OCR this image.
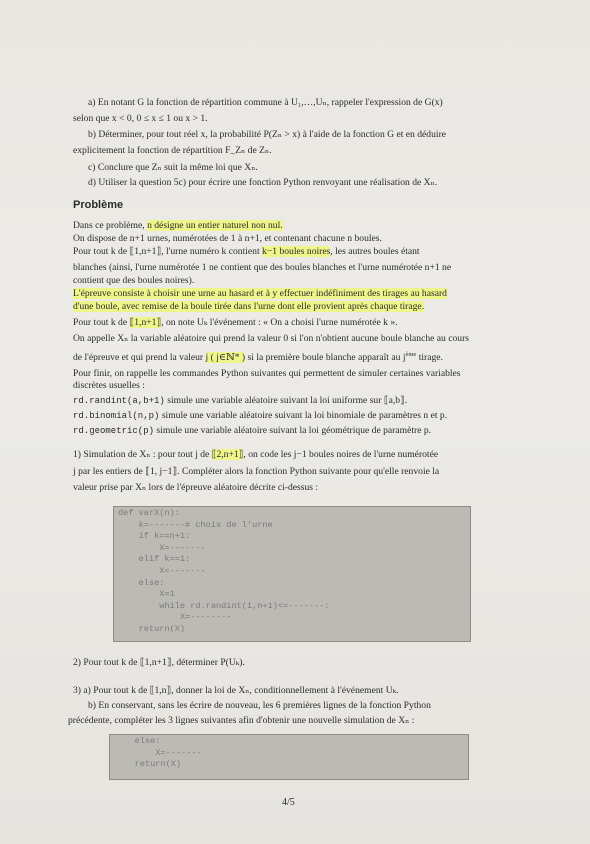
a) En notant G la fonction de répartition commune à U₁,…,Uₙ, rappeler l'expression de G(x)
selon que x < 0, 0 ≤ x ≤ 1 ou x > 1.
b) Déterminer, pour tout réel x, la probabilité P(Zₙ > x) à l'aide de la fonction G et en déduire
explicitement la fonction de répartition F_Zₙ de Zₙ.
c) Conclure que Zₙ suit la même loi que Xₙ.
d) Utiliser la question 5c) pour écrire une fonction Python renvoyant une réalisation de Xₙ.
Problème
Dans ce problème, n désigne un entier naturel non nul.
On dispose de n+1 urnes, numérotées de 1 à n+1, et contenant chacune n boules.
Pour tout k de ⟦1,n+1⟧, l'urne numéro k contient k−1 boules noires, les autres boules étant
blanches (ainsi, l'urne numérotée 1 ne contient que des boules blanches et l'urne numérotée n+1 ne
contient que des boules noires).
L'épreuve consiste à choisir une urne au hasard et à y effectuer indéfiniment des tirages au hasard
d'une boule, avec remise de la boule tirée dans l'urne dont elle provient après chaque tirage.
Pour tout k de ⟦1,n+1⟧, on note Uₖ l'événement : « On a choisi l'urne numérotée k ».
On appelle Xₙ la variable aléatoire qui prend la valeur 0 si l'on n'obtient aucune boule blanche au cours
de l'épreuve et qui prend la valeur j ( j∈ℕ* ) si la première boule blanche apparaît au $j^{ème}$ tirage.
Pour finir, on rappelle les commandes Python suivantes qui permettent de simuler certaines variables
discrètes usuelles :
rd.randint(a,b+1) simule une variable aléatoire suivant la loi uniforme sur ⟦a,b⟧.
rd.binomial(n,p) simule une variable aléatoire suivant la loi binomiale de paramètres n et p.
rd.geometric(p) simule une variable aléatoire suivant la loi géométrique de paramètre p.
1) Simulation de Xₙ : pour tout j de ⟦2,n+1⟧, on code les j−1 boules noires de l'urne numérotée
j par les entiers de ⟦1, j−1⟧. Compléter alors la fonction Python suivante pour qu'elle renvoie la
valeur prise par Xₙ lors de l'épreuve aléatoire décrite ci-dessus :
def varX(n):
k=-------# choix de l'urne
if k==n+1:
X=-------
elif k==1:
X=-------
else:
X=1
while rd.randint(1,n+1)<=-------:
X=--------
return(X)
2) Pour tout k de ⟦1,n+1⟧, déterminer P(Uₖ).
3) a) Pour tout k de ⟦1,n⟧, donner la loi de Xₙ, conditionnellement à l'événement Uₖ.
b) En conservant, sans les écrire de nouveau, les 6 premières lignes de la fonction Python
précédente, compléter les 3 lignes suivantes afin d'obtenir une nouvelle simulation de Xₙ :
else:
X=-------
return(X)
4/5
